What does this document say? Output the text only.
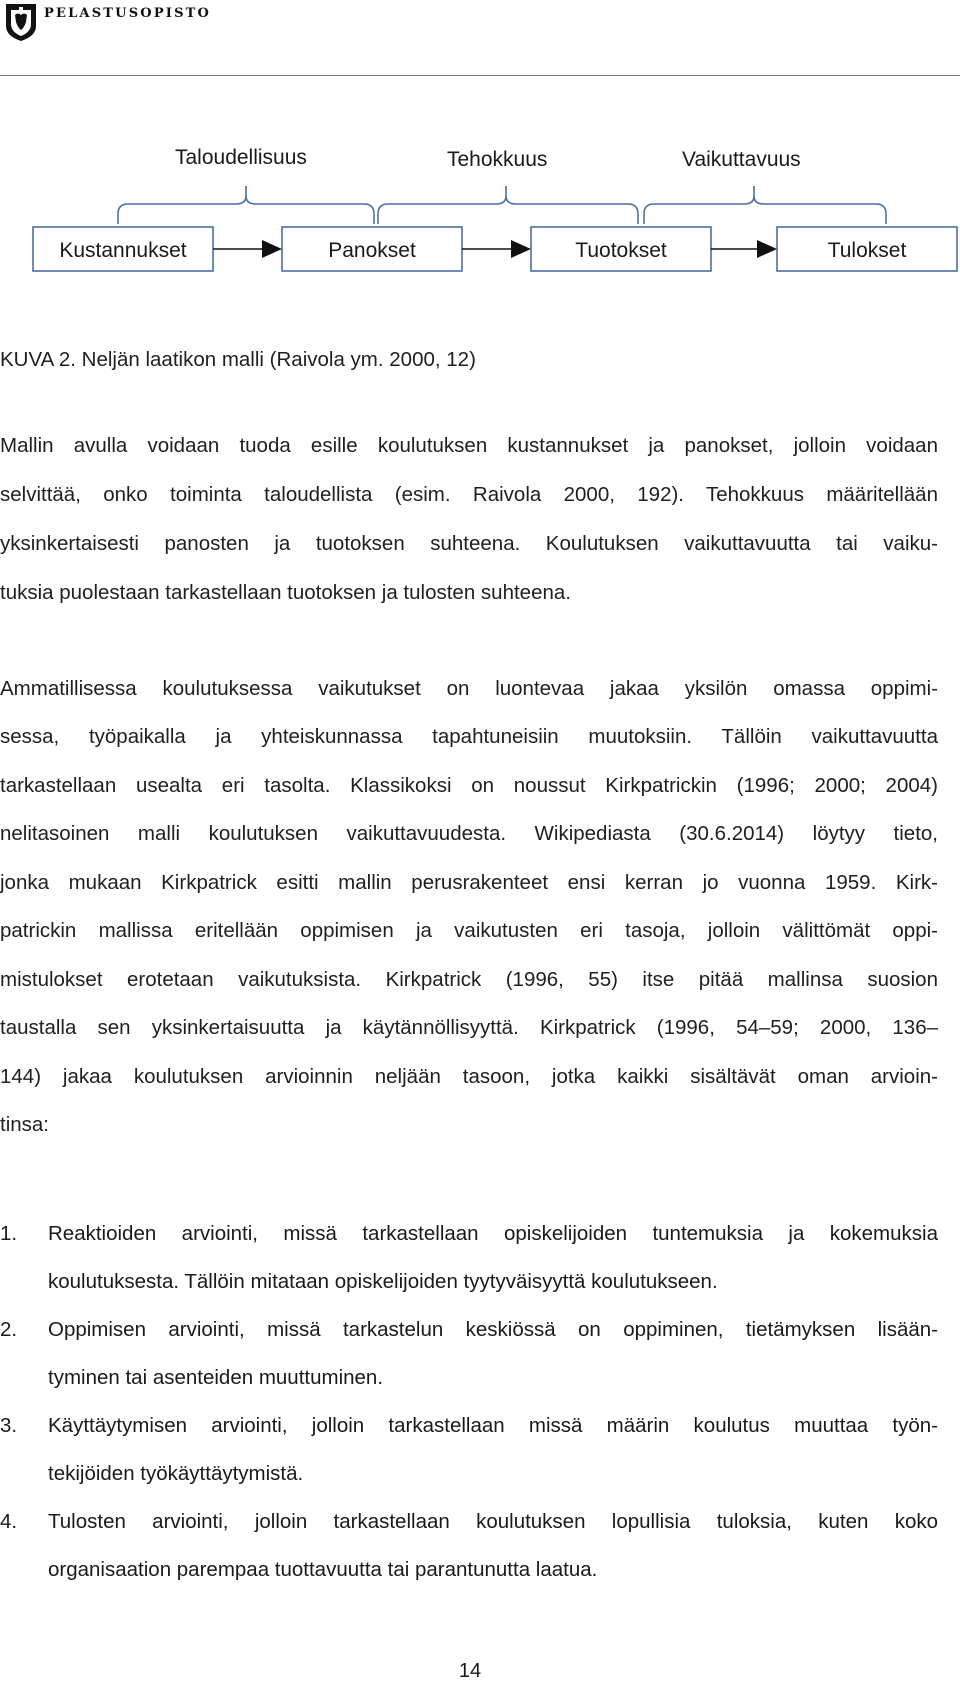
PELASTUSOPISTO
Taloudellisuus	Tehokkuus	Vaikuttavuus
Kustannukset	Panokset	Tuotokset	Tulokset
KUVA 2. Neljän laatikon malli (Raivola ym. 2000, 12)
Mallin avulla voidaan tuoda esille koulutuksen kustannukset ja panokset, jolloin voidaan
selvittää, onko toiminta taloudellista (esim. Raivola 2000, 192). Tehokkuus määritellään
yksinkertaisesti panosten ja tuotoksen suhteena. Koulutuksen vaikuttavuutta tai vaiku-
tuksia puolestaan tarkastellaan tuotoksen ja tulosten suhteena.
Ammatillisessa koulutuksessa vaikutukset on luontevaa jakaa yksilön omassa oppimi-
sessa, työpaikalla ja yhteiskunnassa tapahtuneisiin muutoksiin. Tällöin vaikuttavuutta
tarkastellaan usealta eri tasolta. Klassikoksi on noussut Kirkpatrickin (1996; 2000; 2004)
nelitasoinen malli koulutuksen vaikuttavuudesta. Wikipediasta (30.6.2014) löytyy tieto,
jonka mukaan Kirkpatrick esitti mallin perusrakenteet ensi kerran jo vuonna 1959. Kirk-
patrickin mallissa eritellään oppimisen ja vaikutusten eri tasoja, jolloin välittömät oppi-
mistulokset erotetaan vaikutuksista. Kirkpatrick (1996, 55) itse pitää mallinsa suosion
taustalla sen yksinkertaisuutta ja käytännöllisyyttä. Kirkpatrick (1996, 54–59; 2000, 136–
144) jakaa koulutuksen arvioinnin neljään tasoon, jotka kaikki sisältävät oman arvioin-
tinsa:
1. Reaktioiden arviointi, missä tarkastellaan opiskelijoiden tuntemuksia ja kokemuksia
koulutuksesta. Tällöin mitataan opiskelijoiden tyytyväisyyttä koulutukseen.
2. Oppimisen arviointi, missä tarkastelun keskiössä on oppiminen, tietämyksen lisään-
tyminen tai asenteiden muuttuminen.
3. Käyttäytymisen arviointi, jolloin tarkastellaan missä määrin koulutus muuttaa työn-
tekijöiden työkäyttäytymistä.
4. Tulosten arviointi, jolloin tarkastellaan koulutuksen lopullisia tuloksia, kuten koko
organisaation parempaa tuottavuutta tai parantunutta laatua.
14
